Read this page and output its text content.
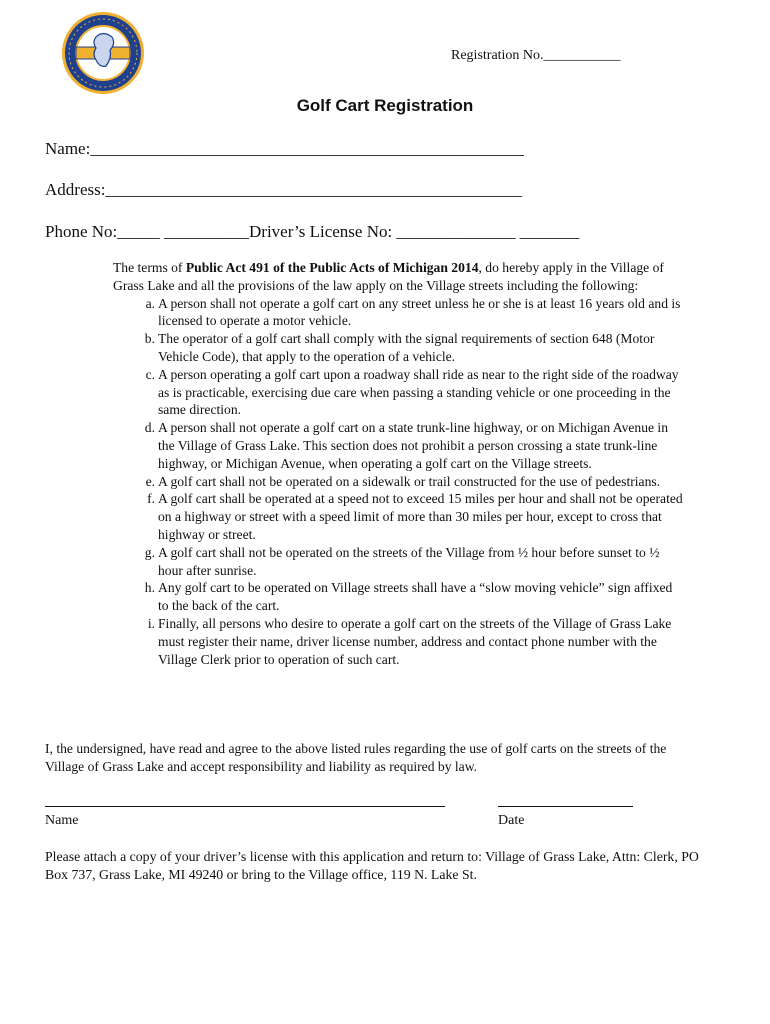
Registration No.___________
Golf Cart Registration
Name:___________________________________________________
Address:_________________________________________________
Phone No:_____ __________Driver’s License No: ______________ _______

The terms of Public Act 491 of the Public Acts of Michigan 2014, do hereby apply in the Village of Grass Lake and all the provisions of the law apply on the Village streets including the following:

a. A person shall not operate a golf cart on any street unless he or she is at least 16 years old and is licensed to operate a motor vehicle.
b. The operator of a golf cart shall comply with the signal requirements of section 648 (Motor Vehicle Code), that apply to the operation of a vehicle.
c. A person operating a golf cart upon a roadway shall ride as near to the right side of the roadway as is practicable, exercising due care when passing a standing vehicle or one proceeding in the same direction.
d. A person shall not operate a golf cart on a state trunk-line highway, or on Michigan Avenue in the Village of Grass Lake. This section does not prohibit a person crossing a state trunk-line highway, or Michigan Avenue, when operating a golf cart on the Village streets.
e. A golf cart shall not be operated on a sidewalk or trail constructed for the use of pedestrians.
f. A golf cart shall be operated at a speed not to exceed 15 miles per hour and shall not be operated on a highway or street with a speed limit of more than 30 miles per hour, except to cross that highway or street.
g. A golf cart shall not be operated on the streets of the Village from ½ hour before sunset to ½ hour after sunrise.
h. Any golf cart to be operated on Village streets shall have a “slow moving vehicle” sign affixed to the back of the cart.
i. Finally, all persons who desire to operate a golf cart on the streets of the Village of Grass Lake must register their name, driver license number, address and contact phone number with the Village Clerk prior to operation of such cart.
I, the undersigned, have read and agree to the above listed rules regarding the use of golf carts on the streets of the Village of Grass Lake and accept responsibility and liability as required by law.
Name	Date
Please attach a copy of your driver’s license with this application and return to: Village of Grass Lake, Attn: Clerk, PO Box 737, Grass Lake, MI 49240 or bring to the Village office, 119 N. Lake St.
